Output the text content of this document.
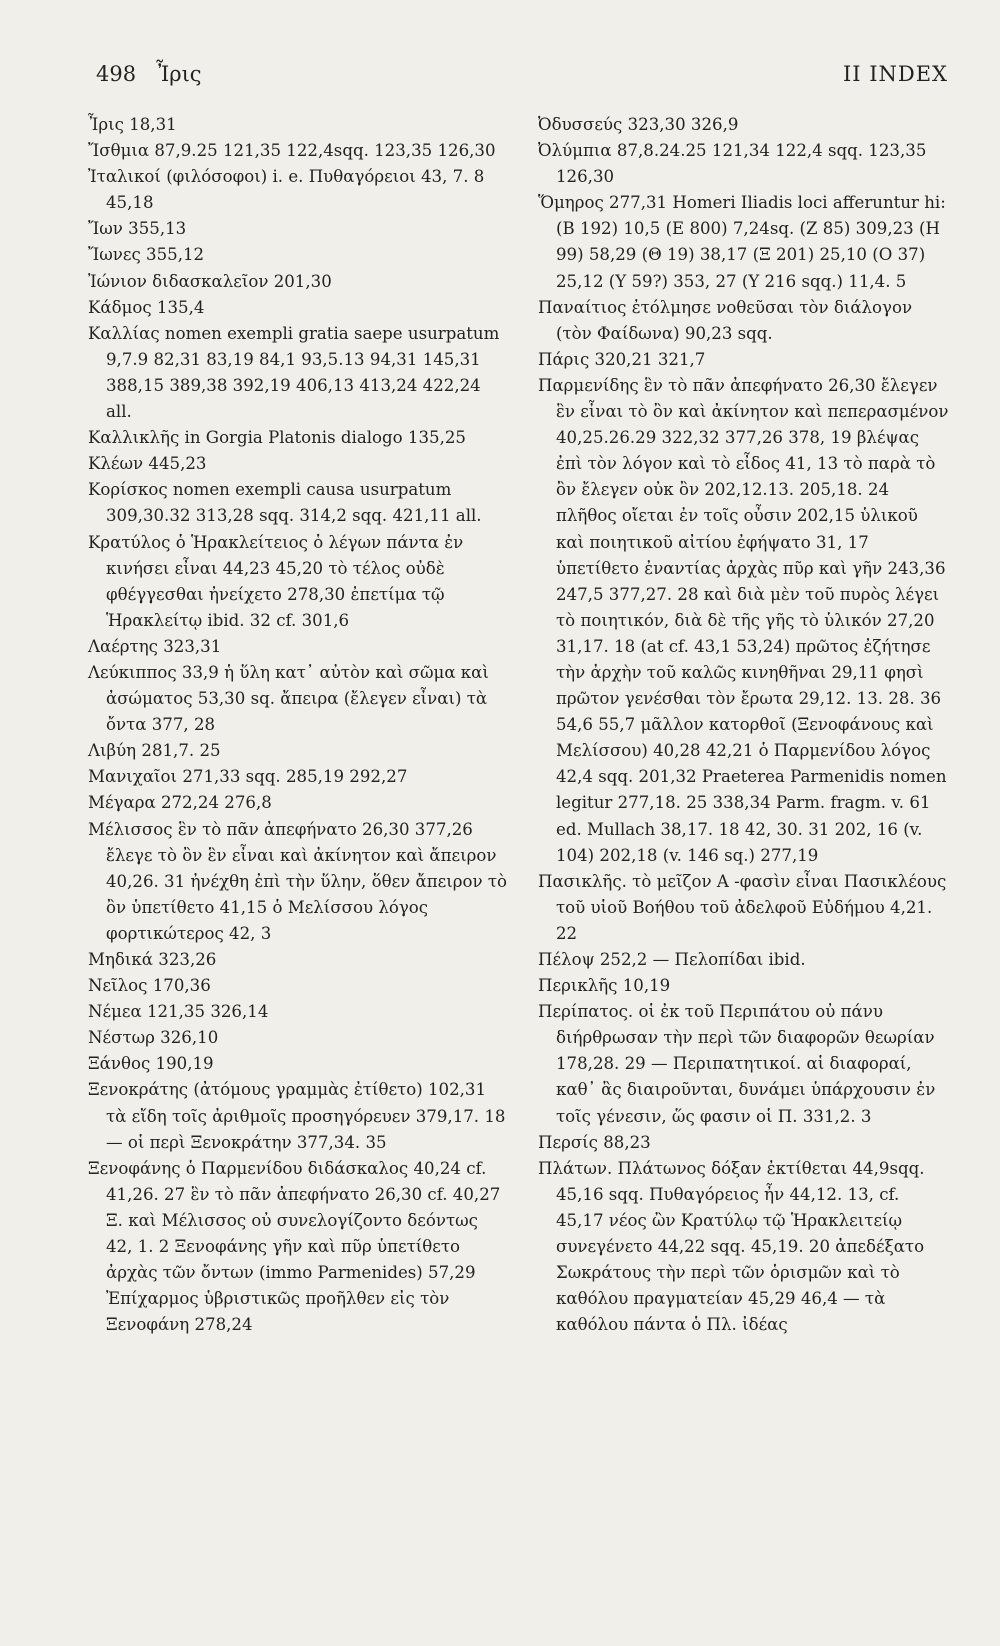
498 Ἶρις	II INDEX

Ἶρις 18,31

Ἴσθμια 87,9.25 121,35 122,4sqq. 123,35 126,30

Ἰταλικοί (φιλόσοφοι) i. e. Πυθαγόρειοι 43, 7. 8 45,18

Ἴων 355,13

Ἴωνες 355,12

Ἰώνιον διδασκαλεῖον 201,30

Κάδμος 135,4

Καλλίας nomen exempli gratia saepe usurpatum 9,7.9 82,31 83,19 84,1 93,5.13 94,31 145,31 388,15 389,38 392,19 406,13 413,24 422,24 all.

Καλλικλῆς in Gorgia Platonis dialogo 135,25

Κλέων 445,23

Κορίσκος nomen exempli causa usurpatum 309,30.32 313,28 sqq. 314,2 sqq. 421,11 all.

Κρατύλος ὁ Ἡρακλείτειος ὁ λέγων πάντα ἐν κινήσει εἶναι 44,23 45,20 τὸ τέλος οὐδὲ φθέγγεσθαι ἠνείχετο 278,30 ἐπετίμα τῷ Ἡρακλείτῳ ibid. 32 cf. 301,6

Λαέρτης 323,31

Λεύκιππος 33,9 ἡ ὕλη κατ᾽ αὐτὸν καὶ σῶμα καὶ ἀσώματος 53,30 sq. ἄπειρα (ἔλεγεν εἶναι) τὰ ὄντα 377, 28

Λιβύη 281,7. 25

Μανιχαῖοι 271,33 sqq. 285,19 292,27

Μέγαρα 272,24 276,8

Μέλισσος ἓν τὸ πᾶν ἀπεφήνατο 26,30 377,26 ἔλεγε τὸ ὂν ἓν εἶναι καὶ ἀκίνητον καὶ ἄπειρον 40,26. 31 ἠνέχθη ἐπὶ τὴν ὕλην, ὅθεν ἄπειρον τὸ ὂν ὑπετίθετο 41,15 ὁ Μελίσσου λόγος φορτικώτερος 42, 3

Μηδικά 323,26

Νεῖλος 170,36

Νέμεα 121,35 326,14

Νέστωρ 326,10

Ξάνθος 190,19

Ξενοκράτης (ἀτόμους γραμμὰς ἐτίθετο) 102,31 τὰ εἴδη τοῖς ἀριθμοῖς προσηγόρευεν 379,17. 18 — οἱ περὶ Ξενοκράτην 377,34. 35

Ξενοφάνης ὁ Παρμενίδου διδάσκαλος 40,24 cf. 41,26. 27 ἓν τὸ πᾶν ἀπεφήνατο 26,30 cf. 40,27 Ξ. καὶ Μέλισσος οὐ συνελογίζοντο δεόντως 42, 1. 2 Ξενοφάνης γῆν καὶ πῦρ ὑπετίθετο ἀρχὰς τῶν ὄντων (immo Parmenides) 57,29 Ἐπίχαρμος ὑβριστικῶς προῆλθεν εἰς τὸν Ξενοφάνη 278,24

Ὀδυσσεύς 323,30 326,9

Ὀλύμπια 87,8.24.25 121,34 122,4 sqq. 123,35 126,30

Ὅμηρος 277,31 Homeri Iliadis loci afferuntur hi: (B 192) 10,5 (E 800) 7,24sq. (Z 85) 309,23 (H 99) 58,29 (Θ 19) 38,17 (Ξ 201) 25,10 (O 37) 25,12 (Υ 59?) 353, 27 (Υ 216 sqq.) 11,4. 5

Παναίτιος ἐτόλμησε νοθεῦσαι τὸν διάλογον (τὸν Φαίδωνα) 90,23 sqq.

Πάρις 320,21 321,7

Παρμενίδης ἓν τὸ πᾶν ἀπεφήνατο 26,30 ἔλεγεν ἓν εἶναι τὸ ὂν καὶ ἀκίνητον καὶ πεπερασμένον 40,25.26.29 322,32 377,26 378, 19 βλέψας ἐπὶ τὸν λόγον καὶ τὸ εἶδος 41, 13 τὸ παρὰ τὸ ὂν ἔλεγεν οὐκ ὂν 202,12.13. 205,18. 24 πλῆθος οἴεται ἐν τοῖς οὖσιν 202,15 ὑλικοῦ καὶ ποιητικοῦ αἰτίου ἐφήψατο 31, 17 ὑπετίθετο ἐναντίας ἀρχὰς πῦρ καὶ γῆν 243,36 247,5 377,27. 28 καὶ διὰ μὲν τοῦ πυρὸς λέγει τὸ ποιητικόν, διὰ δὲ τῆς γῆς τὸ ὑλικόν 27,20 31,17. 18 (at cf. 43,1 53,24) πρῶτος ἐζήτησε τὴν ἀρχὴν τοῦ καλῶς κινηθῆναι 29,11 φησὶ πρῶτον γενέσθαι τὸν ἔρωτα 29,12. 13. 28. 36 54,6 55,7 μᾶλλον κατορθοῖ (Ξενοφάνους καὶ Μελίσσου) 40,28 42,21 ὁ Παρμενίδου λόγος 42,4 sqq. 201,32 Praeterea Parmenidis nomen legitur 277,18. 25 338,34 Parm. fragm. v. 61 ed. Mullach 38,17. 18 42, 30. 31 202, 16 (v. 104) 202,18 (v. 146 sq.) 277,19

Πασικλῆς. τὸ μεῖζον A -φασὶν εἶναι Πασικλέους τοῦ υἱοῦ Βοήθου τοῦ ἀδελφοῦ Εὐδήμου 4,21. 22

Πέλοψ 252,2 — Πελοπίδαι ibid.

Περικλῆς 10,19

Περίπατος. οἱ ἐκ τοῦ Περιπάτου οὐ πάνυ διήρθρωσαν τὴν περὶ τῶν διαφορῶν θεωρίαν 178,28. 29 — Περιπατητικοί. αἱ διαφοραί, καθ᾽ ἃς διαιροῦνται, δυνάμει ὑπάρχουσιν ἐν τοῖς γένεσιν, ὥς φασιν οἱ Π. 331,2. 3

Περσίς 88,23

Πλάτων. Πλάτωνος δόξαν ἐκτίθεται 44,9sqq. 45,16 sqq. Πυθαγόρειος ἦν 44,12. 13, cf. 45,17 νέος ὢν Κρατύλῳ τῷ Ἡρακλειτείῳ συνεγένετο 44,22 sqq. 45,19. 20 ἀπεδέξατο Σωκράτους τὴν περὶ τῶν ὁρισμῶν καὶ τὸ καθόλου πραγματείαν 45,29 46,4 — τὰ καθόλου πάντα ὁ Πλ. ἰδέας
